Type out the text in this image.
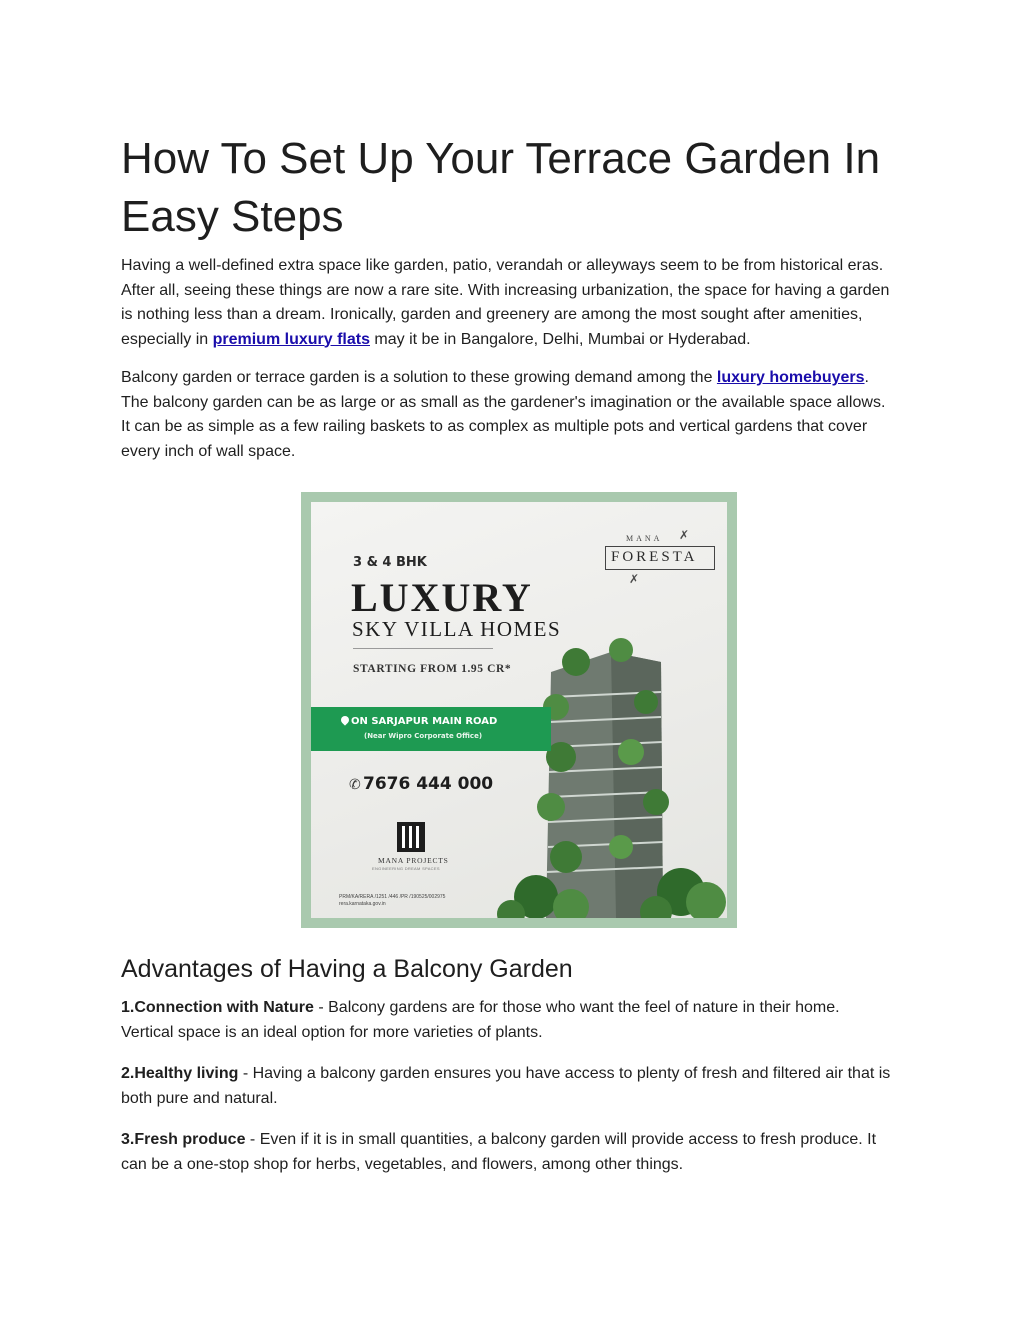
How To Set Up Your Terrace Garden In Easy Steps

Having a well-defined extra space like garden, patio, verandah or alleyways seem to be from historical eras. After all, seeing these things are now a rare site. With increasing urbanization, the space for having a garden is nothing less than a dream. Ironically, garden and greenery are among the most sought after amenities, especially in premium luxury flats may it be in Bangalore, Delhi, Mumbai or Hyderabad.

Balcony garden or terrace garden is a solution to these growing demand among the luxury homebuyers. The balcony garden can be as large or as small as the gardener's imagination or the available space allows. It can be as simple as a few railing baskets to as complex as multiple pots and vertical gardens that cover every inch of wall space.

MANA ✗
FORESTA
✗
3 & 4 BHK
LUXURY
SKY VILLA HOMES
STARTING FROM 1.95 CR*
ON SARJAPUR MAIN ROAD
(Near Wipro Corporate Office)
✆ 7676 444 000
MANA PROJECTS
ENGINEERING DREAM SPACES
PRM/KA/RERA /1251 /446 /PR /190525/002975
rera.karnataka.gov.in
Advantages of Having a Balcony Garden

1.Connection with Nature - Balcony gardens are for those who want the feel of nature in their home. Vertical space is an ideal option for more varieties of plants.

2.Healthy living - Having a balcony garden ensures you have access to plenty of fresh and filtered air that is both pure and natural.

3.Fresh produce - Even if it is in small quantities, a balcony garden will provide access to fresh produce. It can be a one-stop shop for herbs, vegetables, and flowers, among other things.
